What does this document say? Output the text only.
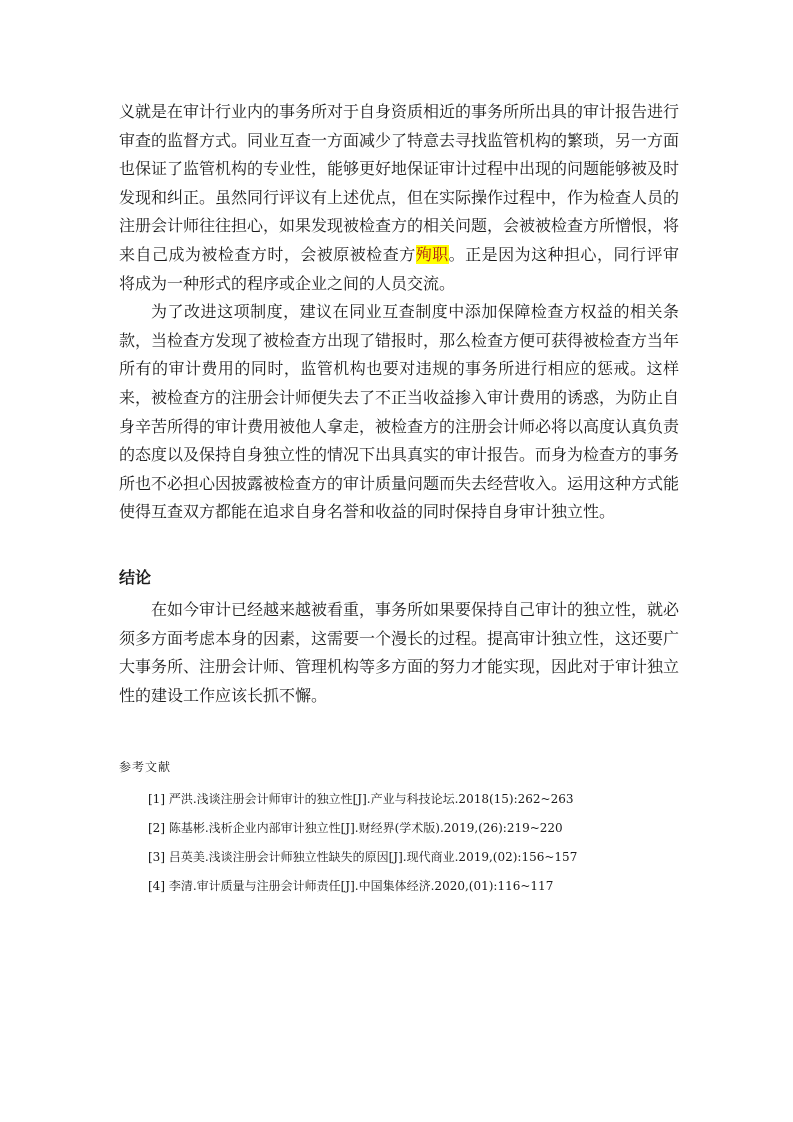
义就是在审计行业内的事务所对于自身资质相近的事务所所出具的审计报告进行审查的监督方式。同业互查一方面减少了特意去寻找监管机构的繁琐，另一方面也保证了监管机构的专业性，能够更好地保证审计过程中出现的问题能够被及时发现和纠正。虽然同行评议有上述优点，但在实际操作过程中，作为检查人员的注册会计师往往担心，如果发现被检查方的相关问题，会被被检查方所憎恨，将来自己成为被检查方时，会被原被检查方殉职。正是因为这种担心，同行评审将成为一种形式的程序或企业之间的人员交流。

为了改进这项制度，建议在同业互查制度中添加保障检查方权益的相关条款，当检查方发现了被检查方出现了错报时，那么检查方便可获得被检查方当年所有的审计费用的同时，监管机构也要对违规的事务所进行相应的惩戒。这样来，被检查方的注册会计师便失去了不正当收益掺入审计费用的诱惑，为防止自身辛苦所得的审计费用被他人拿走，被检查方的注册会计师必将以高度认真负责的态度以及保持自身独立性的情况下出具真实的审计报告。而身为检查方的事务所也不必担心因披露被检查方的审计质量问题而失去经营收入。运用这种方式能使得互查双方都能在追求自身名誉和收益的同时保持自身审计独立性。

结论

在如今审计已经越来越被看重，事务所如果要保持自己审计的独立性，就必须多方面考虑本身的因素，这需要一个漫长的过程。提高审计独立性，这还要广大事务所、注册会计师、管理机构等多方面的努力才能实现，因此对于审计独立性的建设工作应该长抓不懈。

参考文献
[1] 严洪.浅谈注册会计师审计的独立性[J].产业与科技论坛.2018(15):262~263
[2] 陈基彬.浅析企业内部审计独立性[J].财经界(学术版).2019,(26):219~220
[3] 吕英美.浅谈注册会计师独立性缺失的原因[J].现代商业.2019,(02):156~157
[4] 李清.审计质量与注册会计师责任[J].中国集体经济.2020,(01):116~117
